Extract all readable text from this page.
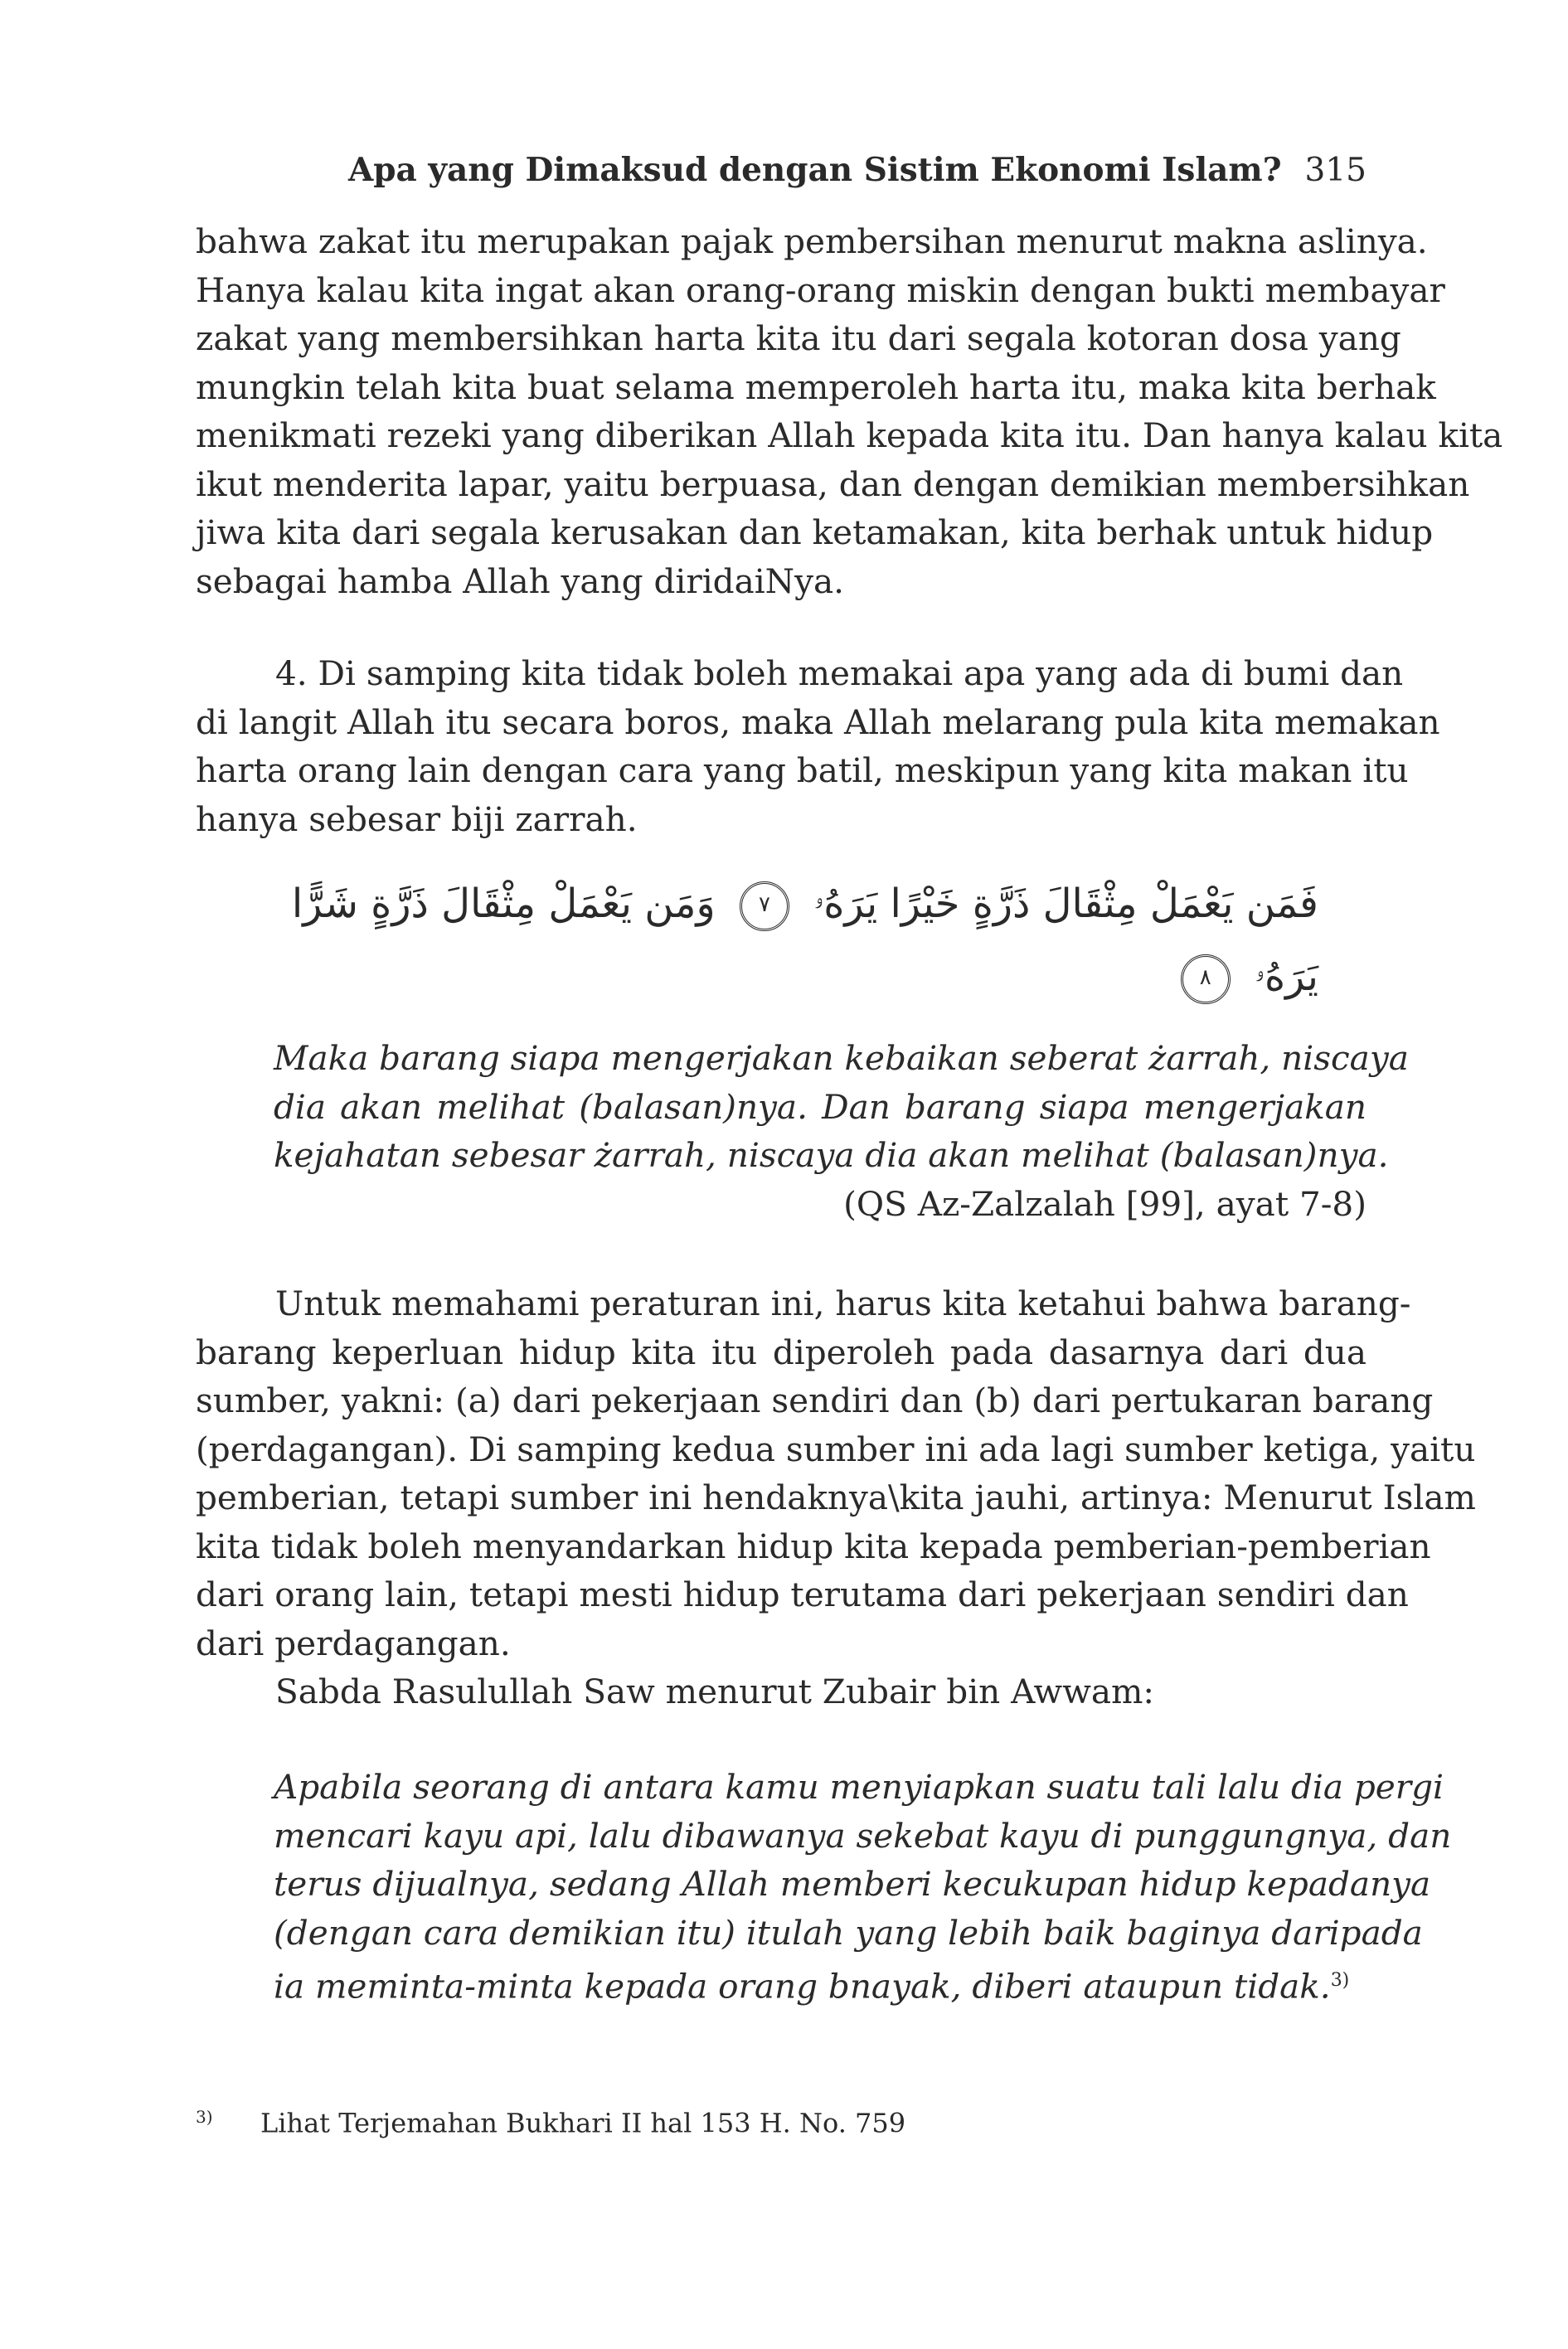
Apa yang Dimaksud dengan Sistim Ekonomi Islam? 315

bahwa zakat itu merupakan pajak pembersihan menurut makna aslinya.
Hanya kalau kita ingat akan orang-orang miskin dengan bukti membayar
zakat yang membersihkan harta kita itu dari segala kotoran dosa yang
mungkin telah kita buat selama memperoleh harta itu, maka kita berhak
menikmati rezeki yang diberikan Allah kepada kita itu. Dan hanya kalau kita
ikut menderita lapar, yaitu berpuasa, dan dengan demikian membersihkan
jiwa kita dari segala kerusakan dan ketamakan, kita berhak untuk hidup
sebagai hamba Allah yang diridaiNya.

4. Di samping kita tidak boleh memakai apa yang ada di bumi dan
di langit Allah itu secara boros, maka Allah melarang pula kita memakan
harta orang lain dengan cara yang batil, meskipun yang kita makan itu
hanya sebesar biji zarrah.

فَمَن يَعْمَلْ مِثْقَالَ ذَرَّةٍ خَيْرًا يَرَهُۥ ٧ وَمَن يَعْمَلْ مِثْقَالَ ذَرَّةٍ شَرًّا
يَرَهُۥ ٨

Maka barang siapa mengerjakan kebaikan seberat żarrah, niscaya
dia akan melihat (balasan)nya. Dan barang siapa mengerjakan
kejahatan sebesar żarrah, niscaya dia akan melihat (balasan)nya.

(QS Az-Zalzalah [99], ayat 7-8)

Untuk memahami peraturan ini, harus kita ketahui bahwa barang-
barang keperluan hidup kita itu diperoleh pada dasarnya dari dua
sumber, yakni: (a) dari pekerjaan sendiri dan (b) dari pertukaran barang
(perdagangan). Di samping kedua sumber ini ada lagi sumber ketiga, yaitu
pemberian, tetapi sumber ini hendaknya\kita jauhi, artinya: Menurut Islam
kita tidak boleh menyandarkan hidup kita kepada pemberian-pemberian
dari orang lain, tetapi mesti hidup terutama dari pekerjaan sendiri dan
dari perdagangan.

Sabda Rasulullah Saw menurut Zubair bin Awwam:

Apabila seorang di antara kamu menyiapkan suatu tali lalu dia pergi
mencari kayu api, lalu dibawanya sekebat kayu di punggungnya, dan
terus dijualnya, sedang Allah memberi kecukupan hidup kepadanya
(dengan cara demikian itu) itulah yang lebih baik baginya daripada
ia meminta-minta kepada orang bnayak, diberi ataupun tidak.$^{3)}$

3) Lihat Terjemahan Bukhari II hal 153 H. No. 759
